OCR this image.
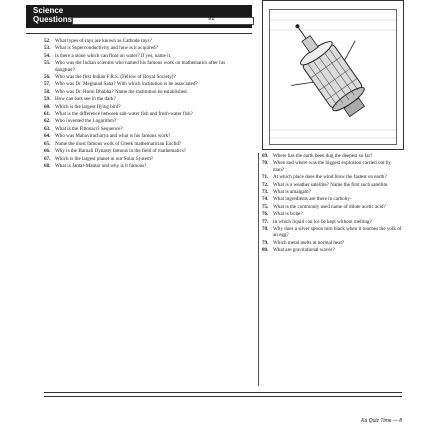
Science
Questions	92
52. What types of rays are known as Cathode rays?
53. What is Superconductivity and how is it acquired?
54. Is there a stone which can float on water? If yes, name it.
55. Who was the Indian scientist who named his famous work on mathematics after his daughter?
56. Who was the first Indian F.R.S. (Fellow of Royal Society)?
57. Who was Dr. Meghnad Saha? With which institution is he associated?
58. Who was Dr. Homi Bhabha? Name the institution he established.
59. How can bats see in the dark?
60. Which is the largest flying bird?
61. What is the difference between salt-water fish and fresh-water fish?
62. Who invented the Logarithm?
63. What is the Fibonacci Sequence?
64. Who was Mahaviracharya and what is his famous work?
65. Name the most famous work of Greek mathematician Euclid?
66. Why is the Barnali Dynasty famous in the field of mathematics?
67. Which is the largest planet in our Solar System?
68. What is Jantar-Mantar and why is it famous?
69. Where has the earth been dug the deepest so far?
70. When and where was the biggest explosion carried out by man?
71. At which place does the wind blow the fastest on earth?
72. What is a weather satellite? Name the first such satellite.
73. What is amalgam?
74. What ingredients are there in carbohy-
75. What is the commonly used name of dilute acetic acid?
76. What is brine?
77. In which liquid can ice be kept without melting?
78. Why does a silver spoon turn black when it touches the yolk of an egg?
79. Which metal melts at normal heat?
80. What are gravitational waves?
Ka Quiz Time — 8
